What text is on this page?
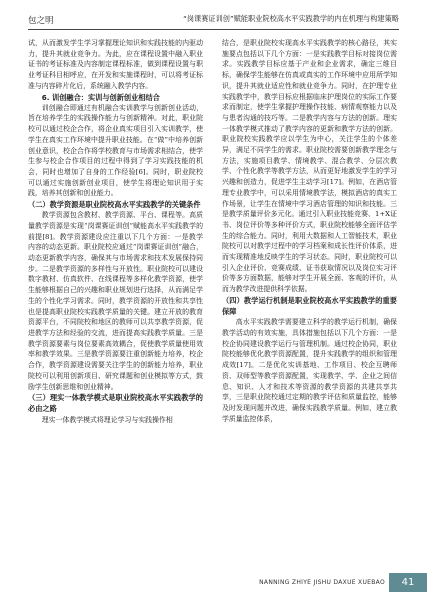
包之明	“岗课赛证训创”赋能职业院校高水平实践教学的内在机理与构建策略

试，从而激发学生学习掌握理论知识和实践技能的内驱动力，提升其就业竞争力。为此，应在课程设置中融入职业证书的考证标准及内容制定课程标准，做到课程设置与职业考证科目相呼应，在开发和实施课程时，可以将考证标准与内容碎片化后，系统融入教学内容。

6. 训创融合：实训与创新创业相结合

训创融合即通过有机融合实训教学与创新创业活动，旨在培养学生的实践操作能力与创新精神。对此，职业院校可以通过校企合作，将企业真实项目引入实训教学，使学生在真实工作环境中提升职业技能。在“做”中培养创新创业意识，校企合作将学校教育与市场需求相结合，使学生参与校企合作项目的过程中得到了学习实践技能的机会，同时也增加了自身的工作经验[6]。同时，职业院校可以通过实施创新创业项目，使学生将理论知识用于实践，培养其创新和创业能力。

（二）教学资源是职业院校高水平实践教学的关键条件

教学资源包含教材、教学资源、平台、课程等。高质量教学资源是实现“岗课赛证训创”赋能高水平实践教学的前提[8]。教学资源建设应注重以下几个方面：一是教学内容的动态更新。职业院校应通过“岗课赛证训创”融合，动态更新教学内容，确保其与市场需求和技术发展保持同步。二是教学资源的多样性与开放性。职业院校可以建设数字教材、仿真软件、在线课程等多样化教学资源，使学生能够根据自己的兴趣和职业规划进行选择，从而满足学生的个性化学习需求。同时，教学资源的开放性和共享性也是提高职业院校实践教学质量的关键。建立开放的教育资源平台，不同院校和地区的教师可以共享教学资源，促进教学方法和经验的交流，进而提高实践教学质量。三是教学资源要素与岗位要素高效耦合，促使教学质量使用效率和教学效果。三是教学资源要注重创新能力培养，校企合作，教学资源建设需要关注学生的创新能力培养，职业院校可以利用创新项目、研究课题和创业模拟等方式，鼓励学生创新思维和创业精神。

（三）理实一体教学模式是职业院校高水平实践教学的必由之路

理实一体教学模式将理论学习与实践操作相

结合，是职业院校实现高水平实践教学的核心路径，其实施要点包括以下几个方面：一是实践教学目标对接岗位需求。实践教学目标应基于产业和企业需求，确定三维目标，确保学生能够在仿真或真实的工作环境中应用所学知识，提升其就业适应性和就业竞争力。同时，在护理专业实践教学中，教学目标应根据临床护理岗位的实际工作要求而制定，使学生掌握护理操作技能、病情观察能力以及与患者沟通的技巧等。二是教学内容与方法的创新。理实一体教学模式推动了教学内容的更新和教学方法的创新。职业院校实践教学应以学生为中心，关注学生的个体差异，满足不同学生的需求。职业院校需要创新教学理念与方法，实施项目教学、情境教学、混合教学、分层次教学、个性化教学等教学方法，从而更好地激发学生的学习兴趣和创造力，促进学生主动学习[17]。例如，在酒店管理专业教学中，可以采用情境教学法，模拟酒店的真实工作场景，让学生在情境中学习酒店管理的知识和技能。三是教学质量评价多元化。通过引入职业技能竞赛、1+X证书、岗位评价等多种评价方式，职业院校能够全面评估学生的综合能力。同时，利用大数据和人工智能技术，职业院校可以对教学过程中的学习档案和成长性评价体系，进而实现精准地反映学生的学习状态。同时，职业院校可以引入企业评价、竞赛成绩、证书获取情况以及岗位实习评价等多方面数据，能够对学生开展全面、客观的评价，从而为教学改进提供科学依据。

（四）教学运行机制是职业院校高水平实践教学的重要保障

高水平实践教学需要建立科学的教学运行机制，确保教学活动的有效实施，具体措施包括以下几个方面：一是校企协同建设教学运行与管理机制。通过校企协同，职业院校能够优化教学资源配置，提升实践教学的组织和管理成效[17]。二是优化实训基地、工作项目、校企互聘师资、双师型等教学资源配置，实现教学、学、企业之间信息、知识、人才和技术等资源的教学资源的共建共享共享，三是职业院校通过定期的教学评估和质量监控，能够及时发现问题并改进，确保实践教学质量。例如，建立教学质量监控体系，

NANNING ZHIYE JISHU DAXUE XUEBAO	41
